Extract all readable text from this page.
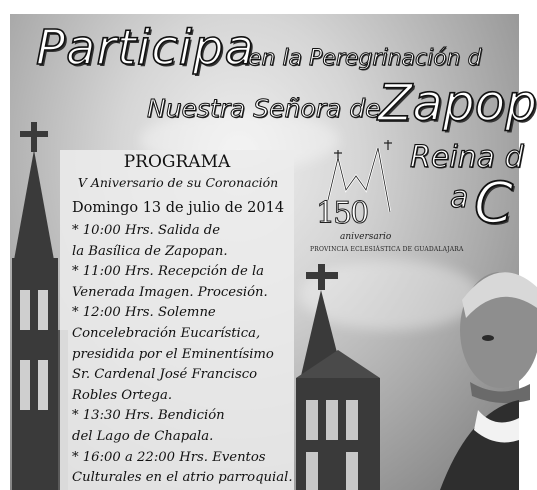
Participa
en la Peregrinación d
Nuestra Señora de
Zapop
Reina d
a C
150
aniversario
PROVINCIA ECLESIÁSTICA DE GUADALAJARA
PROGRAMA
V Aniversario de su Coronación
Domingo 13 de julio de 2014
* 10:00 Hrs. Salida de
la Basílica de Zapopan.
* 11:00 Hrs. Recepción de la
Venerada Imagen. Procesión.
* 12:00 Hrs. Solemne
Concelebración Eucarística,
presidida por el Eminentísimo
Sr. Cardenal José Francisco
Robles Ortega.
* 13:30 Hrs. Bendición
del Lago de Chapala.
* 16:00 a 22:00 Hrs. Eventos
Culturales en el atrio parroquial.
